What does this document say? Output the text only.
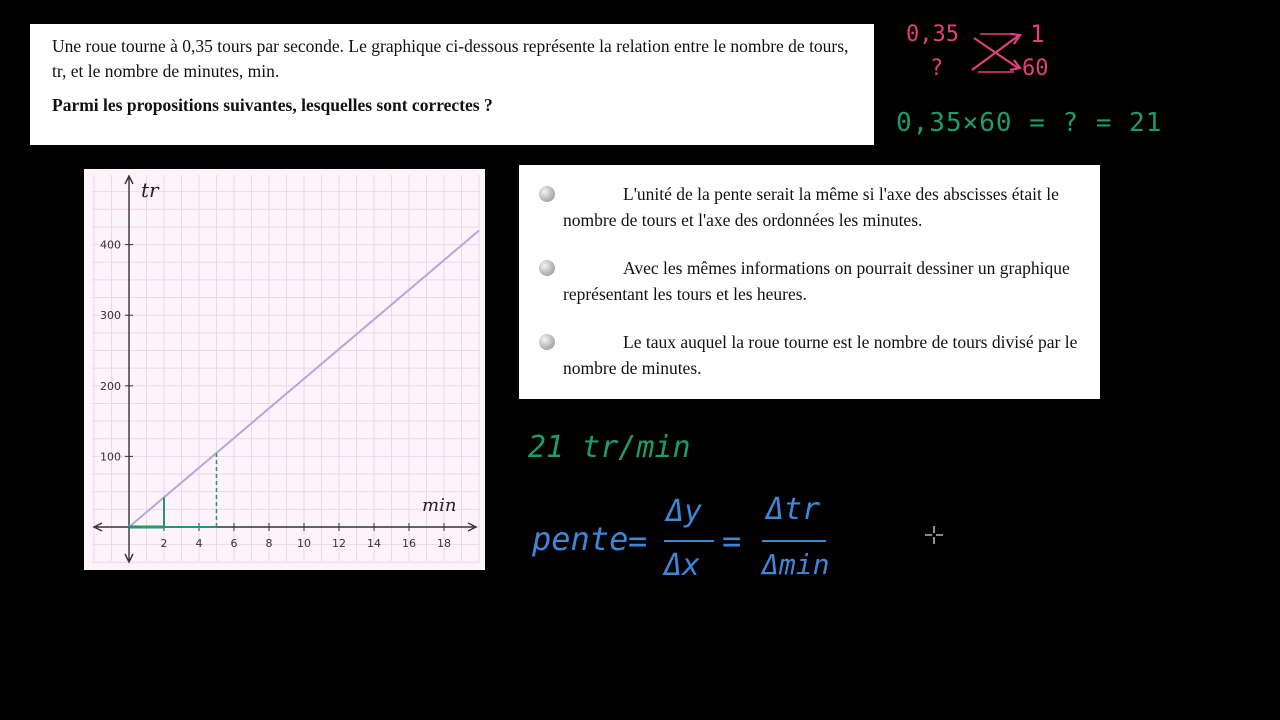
Une roue tourne à 0,35 tours par seconde. Le graphique ci-dessous représente la relation entre le nombre de tours, tr, et le nombre de minutes, min.

Parmi les propositions suivantes, lesquelles sont correctes ?

2	4	6	8 10 12 14 16 18
100
200
300
400
tr
min
L'unité de la pente serait la même si l'axe des abscisses était le nombre de tours et l'axe des ordonnées les minutes.
Avec les mêmes informations on pourrait dessiner un graphique représentant les tours et les heures.
Le taux auquel la roue tourne est le nombre de tours divisé par le nombre de minutes.
0,35	1
?	60
0,35×60 = ? = 21
21 tr/min
pente =
Δy
Δx
=
Δtr
Δmin
